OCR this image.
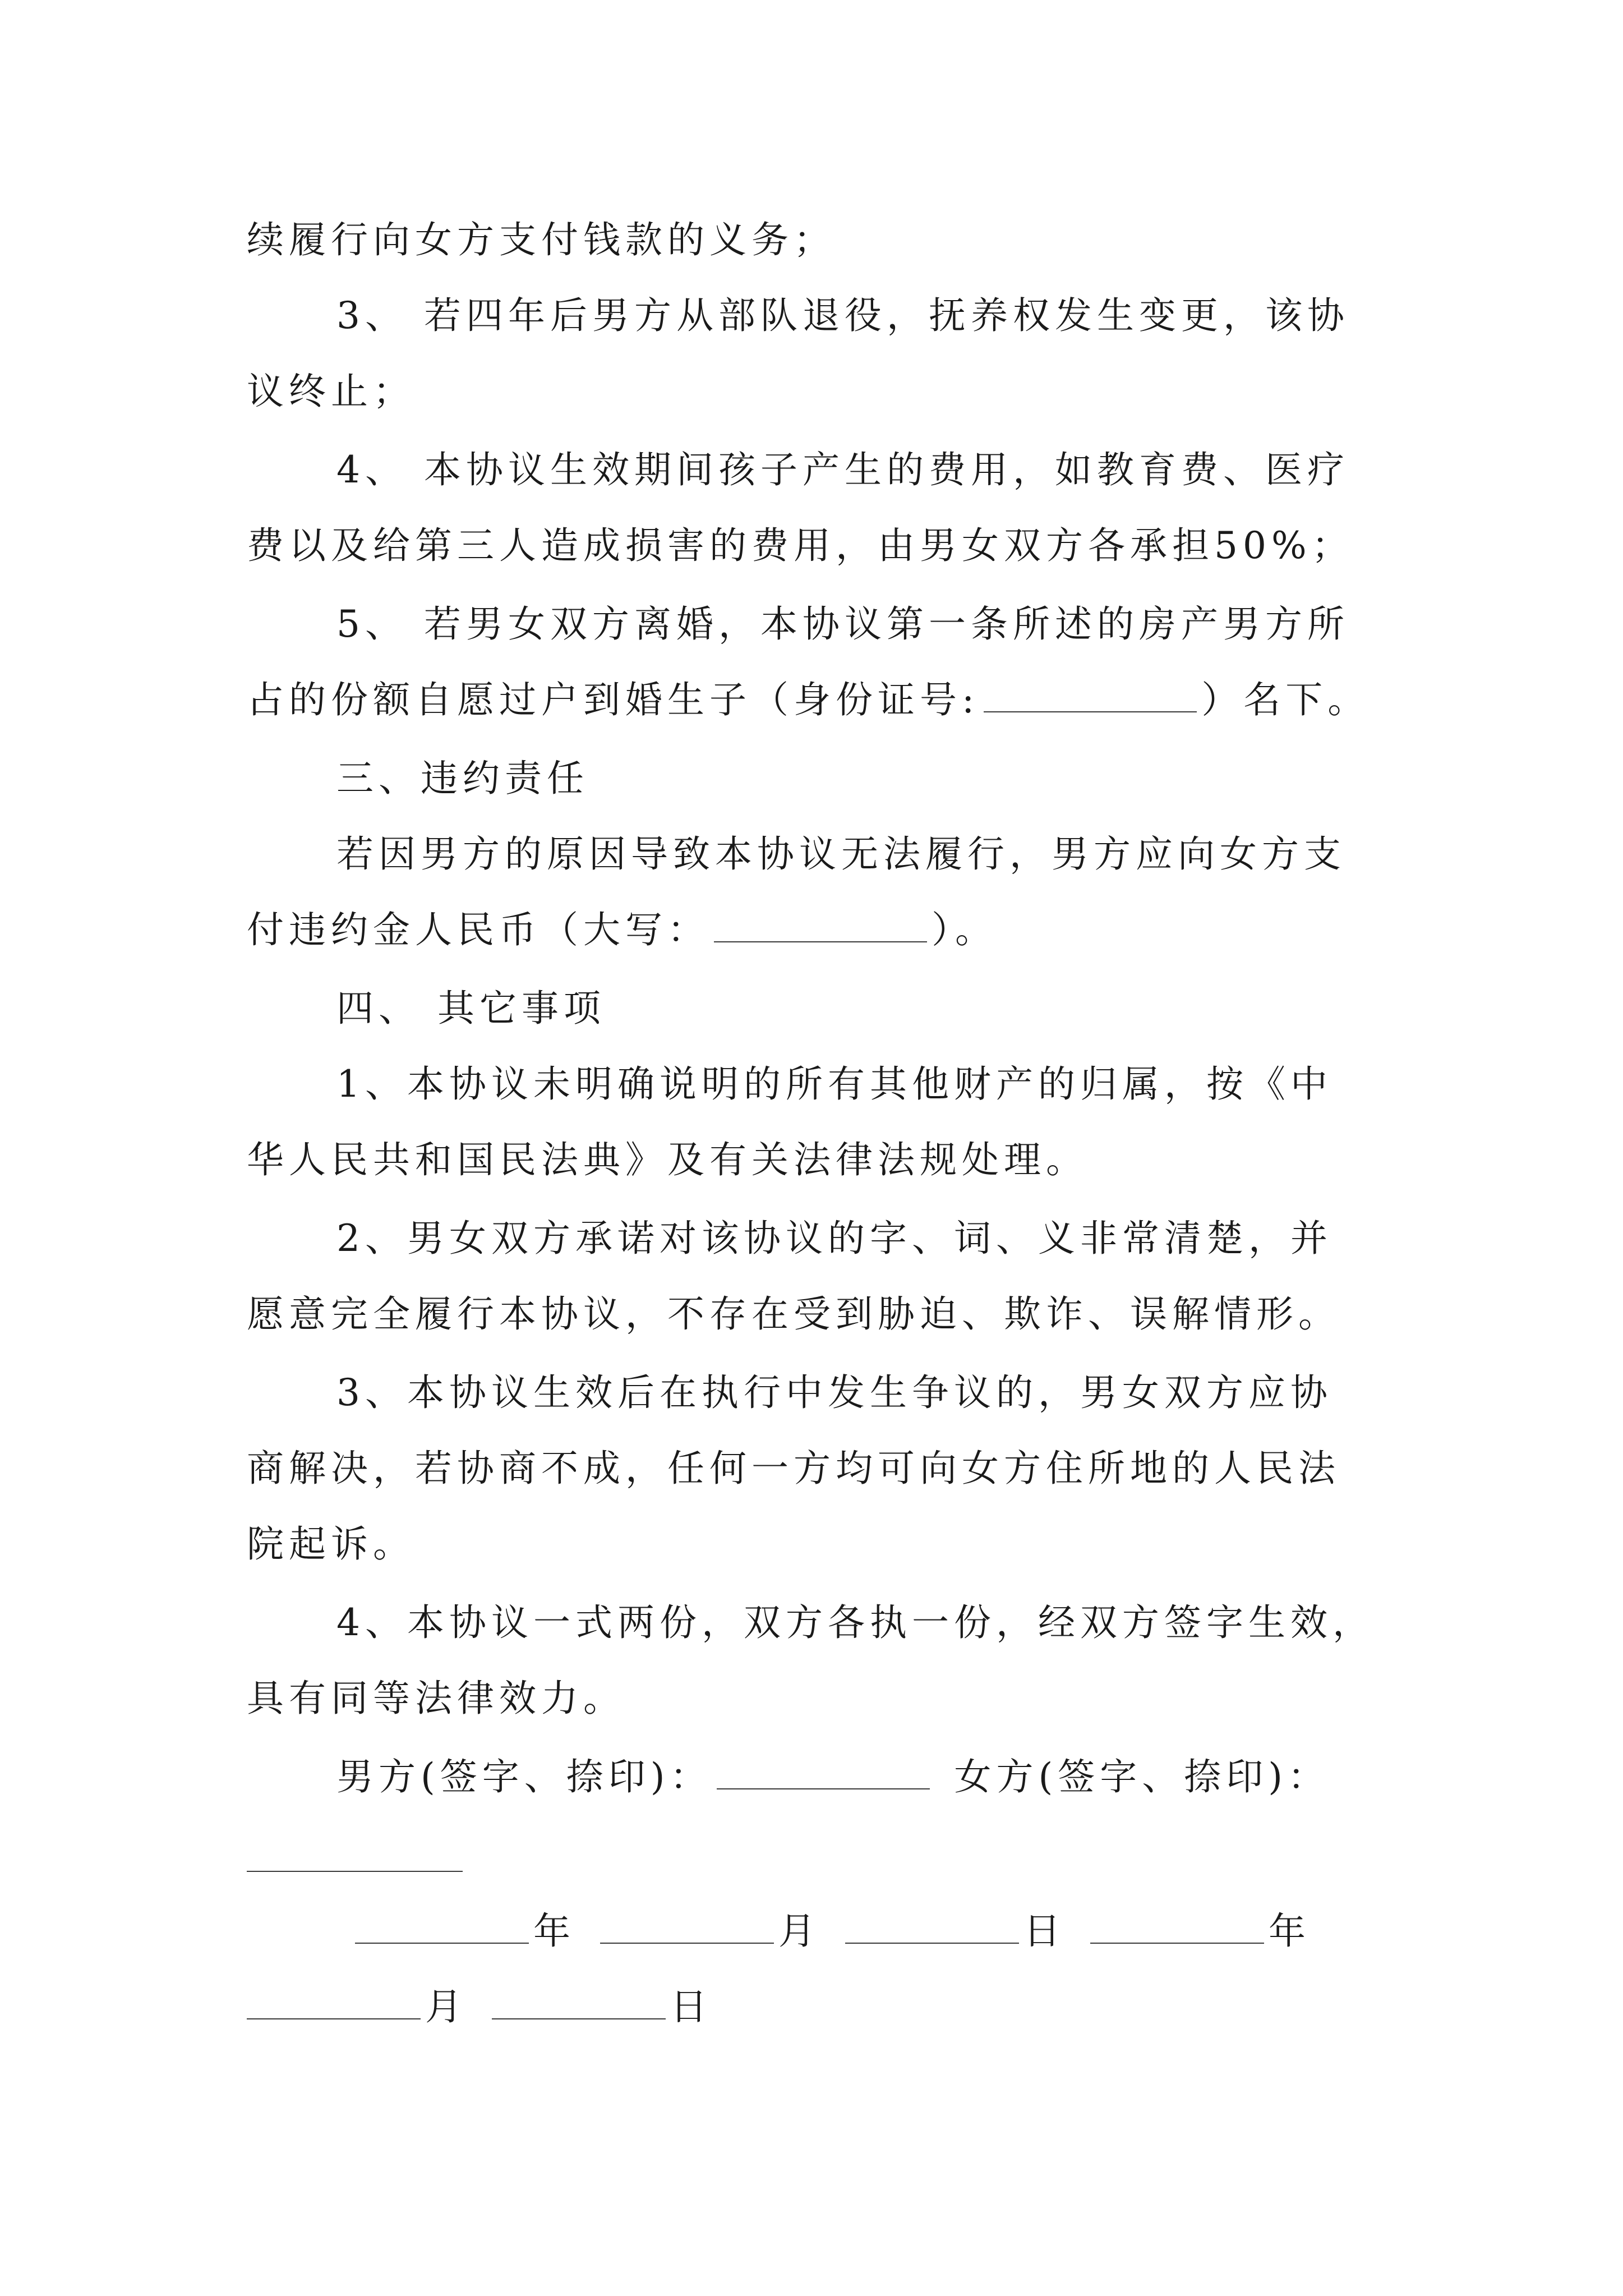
续履行向女方支付钱款的义务；
3、 若四年后男方从部队退役，抚养权发生变更，该协
议终止；
4、 本协议生效期间孩子产生的费用，如教育费、医疗
费以及给第三人造成损害的费用，由男女双方各承担50%；
5、 若男女双方离婚，本协议第一条所述的房产男方所
占的份额自愿过户到婚生子（身份证号:	）名下。
三、违约责任
若因男方的原因导致本协议无法履行，男方应向女方支
付违约金人民币（大写：	）。
四、 其它事项
1、本协议未明确说明的所有其他财产的归属，按《中
华人民共和国民法典》及有关法律法规处理。
2、男女双方承诺对该协议的字、词、义非常清楚，并
愿意完全履行本协议，不存在受到胁迫、欺诈、误解情形。
3、本协议生效后在执行中发生争议的，男女双方应协
商解决，若协商不成，任何一方均可向女方住所地的人民法
院起诉。
4、本协议一式两份，双方各执一份，经双方签字生效，
具有同等法律效力。
男方(签字、捺印)：	女方(签字、捺印)：
年	月	日	年
月	日
